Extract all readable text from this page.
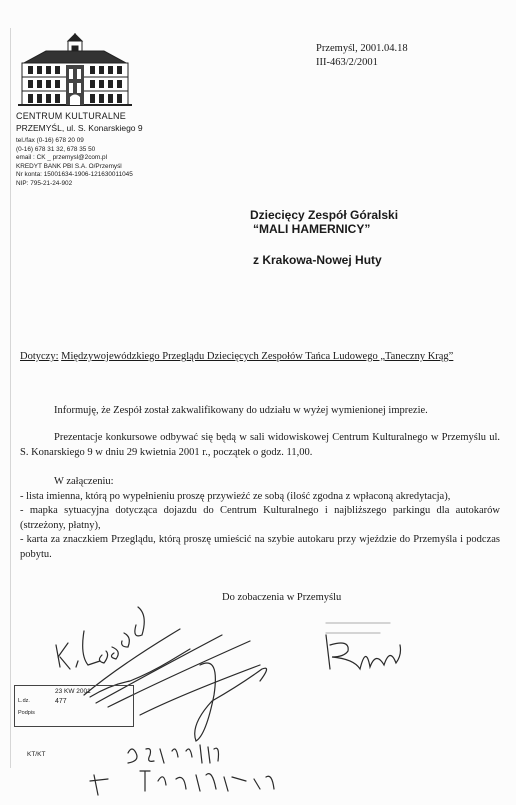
CENTRUM KULTURALNE
PRZEMYŚL, ul. S. Konarskiego 9
tel./fax (0-16) 678 20 09
(0-16) 678 31 32, 678 35 50
email : CK _ przemysl@2com.pl
KREDYT BANK PBI S.A. O/Przemyśl
Nr konta: 15001634-1906-121630011045
NIP: 795-21-24-902
Przemyśl, 2001.04.18
III-463/2/2001
Dziecięcy Zespół Góralski
“MALI HAMERNICY”
z Krakowa-Nowej Huty
Dotyczy: Międzywojewódzkiego Przeglądu Dziecięcych Zespołów Tańca Ludowego „Taneczny Krąg”
Informuję, że Zespół został zakwalifikowany do udziału w wyżej wymienionej imprezie.
Prezentacje konkursowe odbywać się będą w sali widowiskowej Centrum Kulturalnego w Przemyślu ul. S. Konarskiego 9 w dniu 29 kwietnia 2001 r., początek o godz. 11,00.
W załączeniu:
- lista imienna, którą po wypełnieniu proszę przywieźć ze sobą (ilość zgodna z wpłaconą akredytacja),
- mapka sytuacyjna dotycząca dojazdu do Centrum Kulturalnego i najbliższego parkingu dla autokarów (strzeżony, płatny),
- karta za znaczkiem Przeglądu, którą proszę umieścić na szybie autokaru przy wjeździe do Przemyśla i podczas pobytu.
Do zobaczenia w Przemyślu
23 KW 2001
L.dz.	477
Podpis
KT/KT
